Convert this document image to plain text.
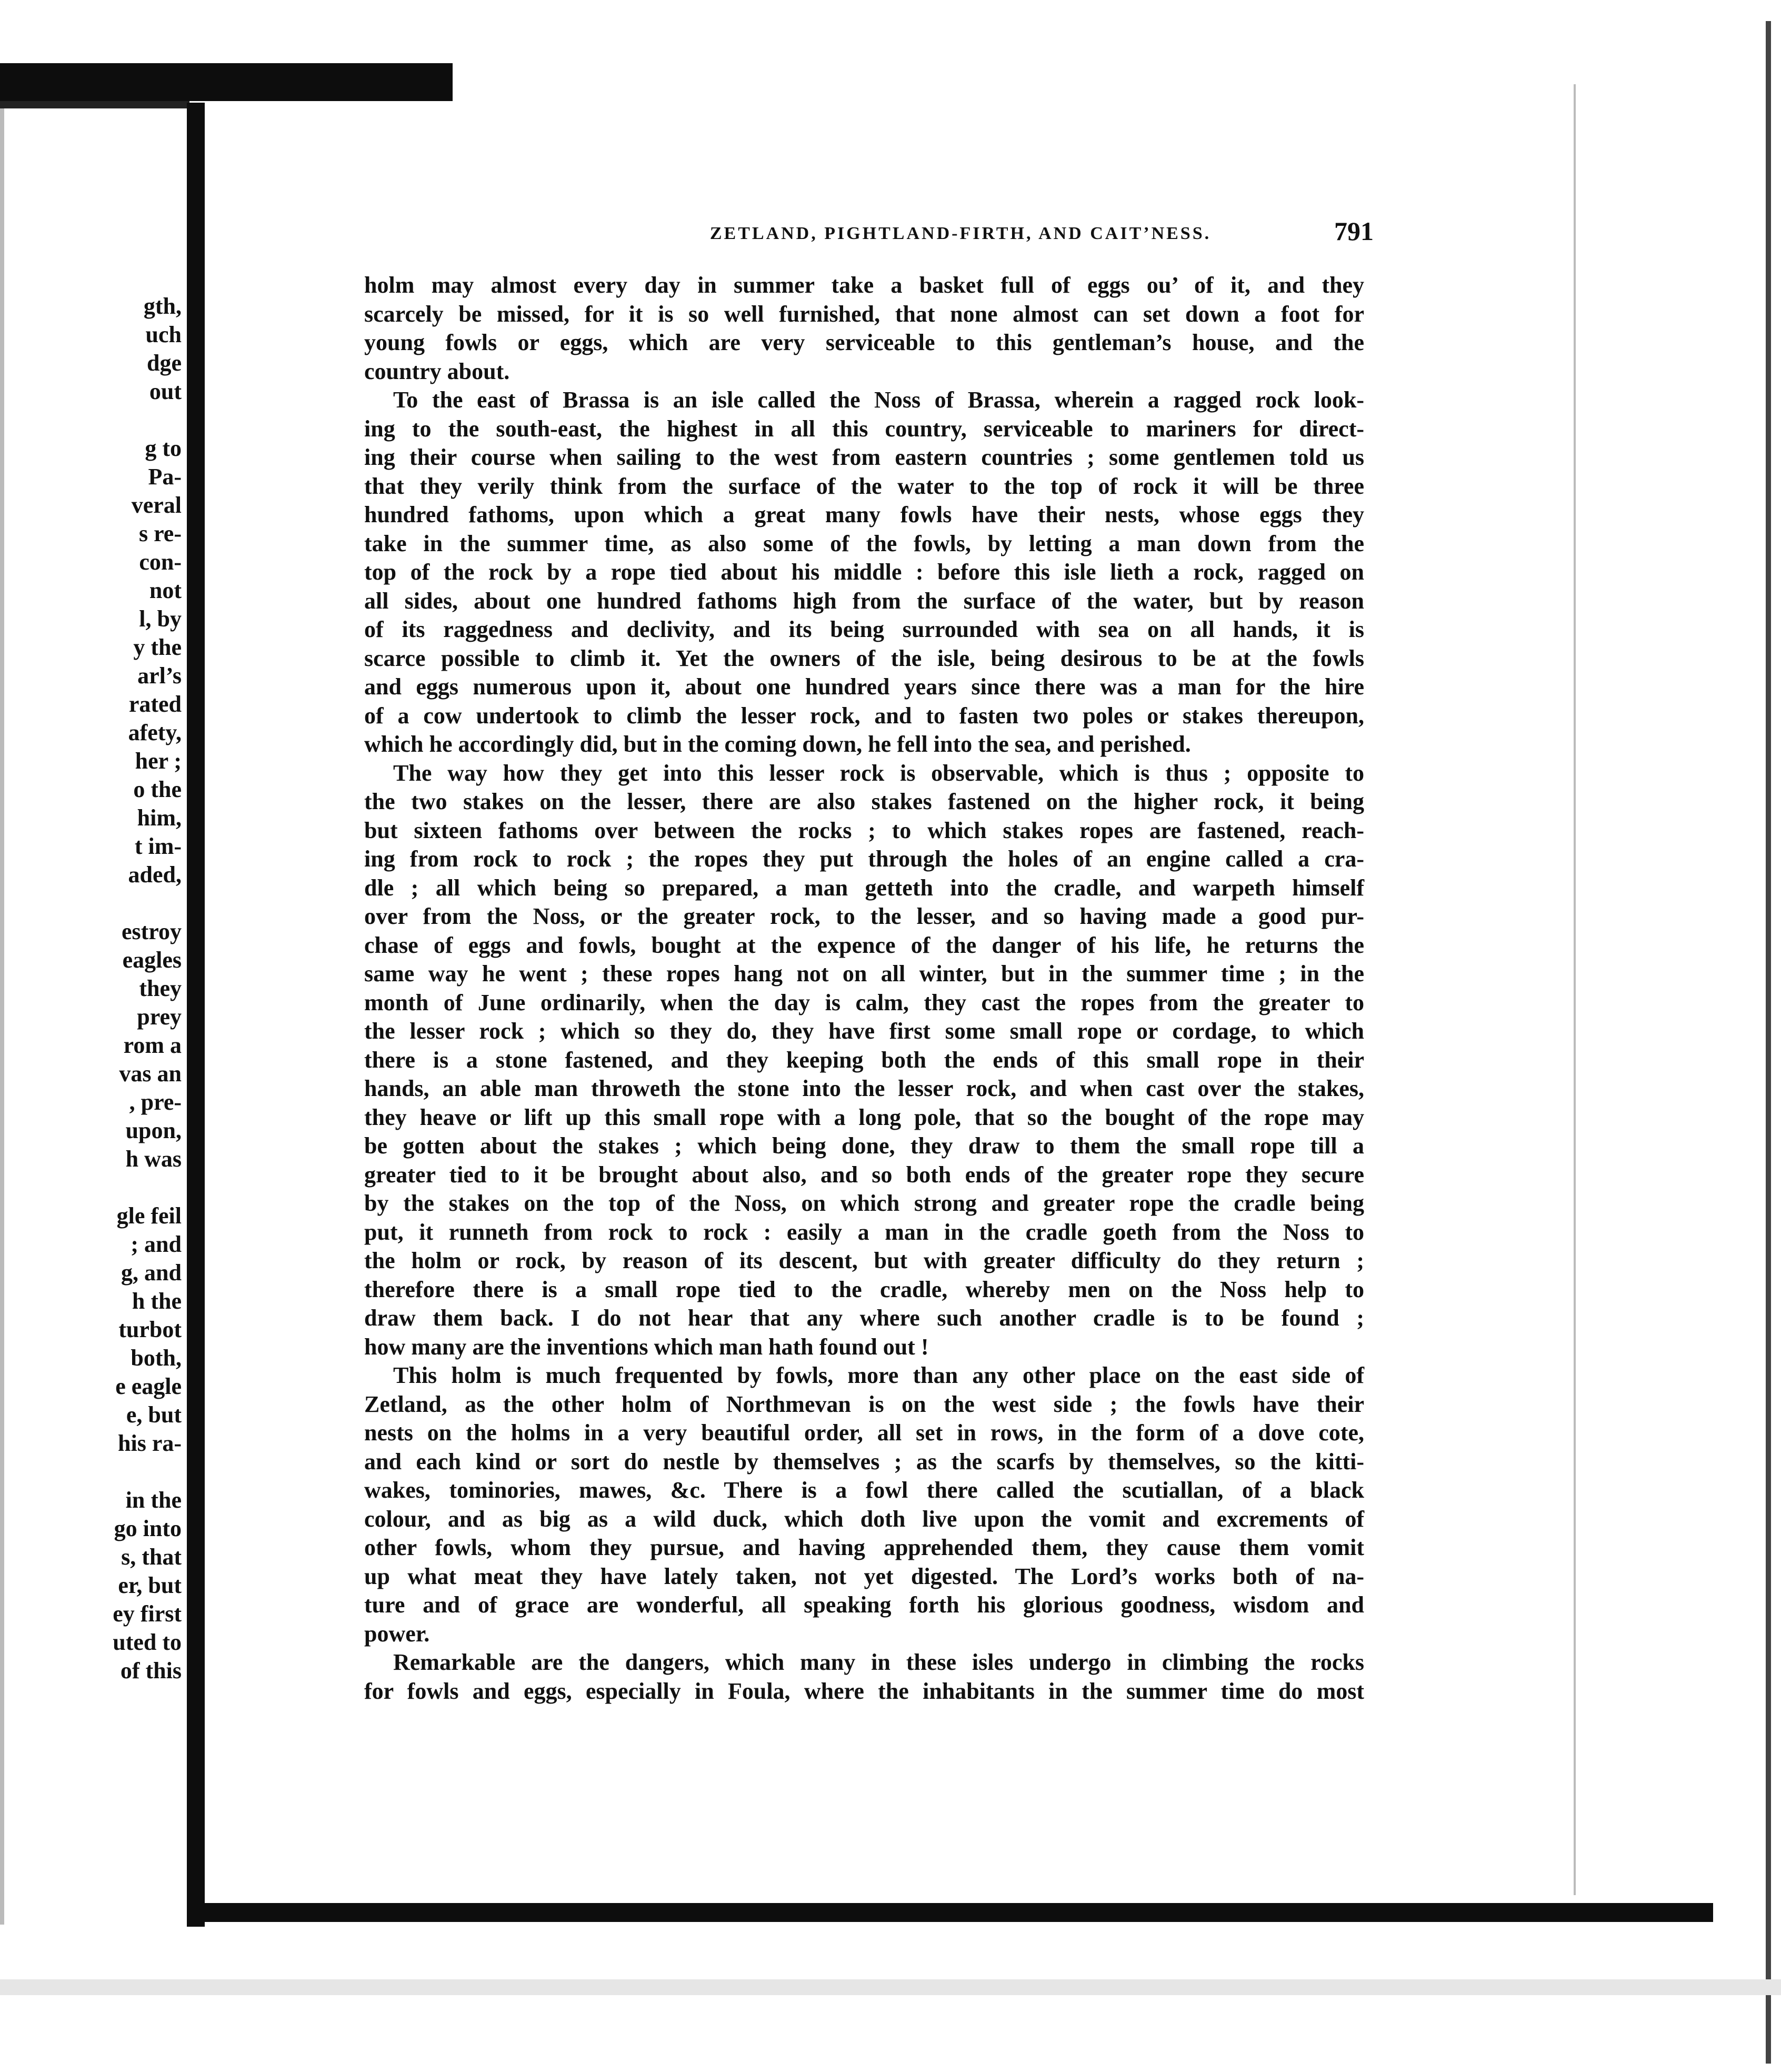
gth,
uch
dge
out
g to
Pa-
veral
s re-
con-
not
l, by
y the
arl’s
rated
afety,
her ;
o the
him,
t im-
aded,
estroy
eagles
they
prey
rom a
vas an
, pre-
upon,
h was
gle feil
; and
g, and
h the
turbot
both,
e eagle
e, but
his ra-
in the
go into
s, that
er, but
ey first
uted to
of this
ZETLAND, PIGHTLAND-FIRTH, AND CAIT’NESS.	791
holm may almost every day in summer take a basket full of eggs ou’ of it, and they
scarcely be missed, for it is so well furnished, that none almost can set down a foot for
young fowls or eggs, which are very serviceable to this gentleman’s house, and the
country about.
To the east of Brassa is an isle called the Noss of Brassa, wherein a ragged rock look-
ing to the south-east, the highest in all this country, serviceable to mariners for direct-
ing their course when sailing to the west from eastern countries ; some gentlemen told us
that they verily think from the surface of the water to the top of rock it will be three
hundred fathoms, upon which a great many fowls have their nests, whose eggs they
take in the summer time, as also some of the fowls, by letting a man down from the
top of the rock by a rope tied about his middle : before this isle lieth a rock, ragged on
all sides, about one hundred fathoms high from the surface of the water, but by reason
of its raggedness and declivity, and its being surrounded with sea on all hands, it is
scarce possible to climb it. Yet the owners of the isle, being desirous to be at the fowls
and eggs numerous upon it, about one hundred years since there was a man for the hire
of a cow undertook to climb the lesser rock, and to fasten two poles or stakes thereupon,
which he accordingly did, but in the coming down, he fell into the sea, and perished.
The way how they get into this lesser rock is observable, which is thus ; opposite to
the two stakes on the lesser, there are also stakes fastened on the higher rock, it being
but sixteen fathoms over between the rocks ; to which stakes ropes are fastened, reach-
ing from rock to rock ; the ropes they put through the holes of an engine called a cra-
dle ; all which being so prepared, a man getteth into the cradle, and warpeth himself
over from the Noss, or the greater rock, to the lesser, and so having made a good pur-
chase of eggs and fowls, bought at the expence of the danger of his life, he returns the
same way he went ; these ropes hang not on all winter, but in the summer time ; in the
month of June ordinarily, when the day is calm, they cast the ropes from the greater to
the lesser rock ; which so they do, they have first some small rope or cordage, to which
there is a stone fastened, and they keeping both the ends of this small rope in their
hands, an able man throweth the stone into the lesser rock, and when cast over the stakes,
they heave or lift up this small rope with a long pole, that so the bought of the rope may
be gotten about the stakes ; which being done, they draw to them the small rope till a
greater tied to it be brought about also, and so both ends of the greater rope they secure
by the stakes on the top of the Noss, on which strong and greater rope the cradle being
put, it runneth from rock to rock : easily a man in the cradle goeth from the Noss to
the holm or rock, by reason of its descent, but with greater difficulty do they return ;
therefore there is a small rope tied to the cradle, whereby men on the Noss help to
draw them back. I do not hear that any where such another cradle is to be found ;
how many are the inventions which man hath found out !
This holm is much frequented by fowls, more than any other place on the east side of
Zetland, as the other holm of Northmevan is on the west side ; the fowls have their
nests on the holms in a very beautiful order, all set in rows, in the form of a dove cote,
and each kind or sort do nestle by themselves ; as the scarfs by themselves, so the kitti-
wakes, tominories, mawes, &c. There is a fowl there called the scutiallan, of a black
colour, and as big as a wild duck, which doth live upon the vomit and excrements of
other fowls, whom they pursue, and having apprehended them, they cause them vomit
up what meat they have lately taken, not yet digested. The Lord’s works both of na-
ture and of grace are wonderful, all speaking forth his glorious goodness, wisdom and
power.
Remarkable are the dangers, which many in these isles undergo in climbing the rocks
for fowls and eggs, especially in Foula, where the inhabitants in the summer time do most
